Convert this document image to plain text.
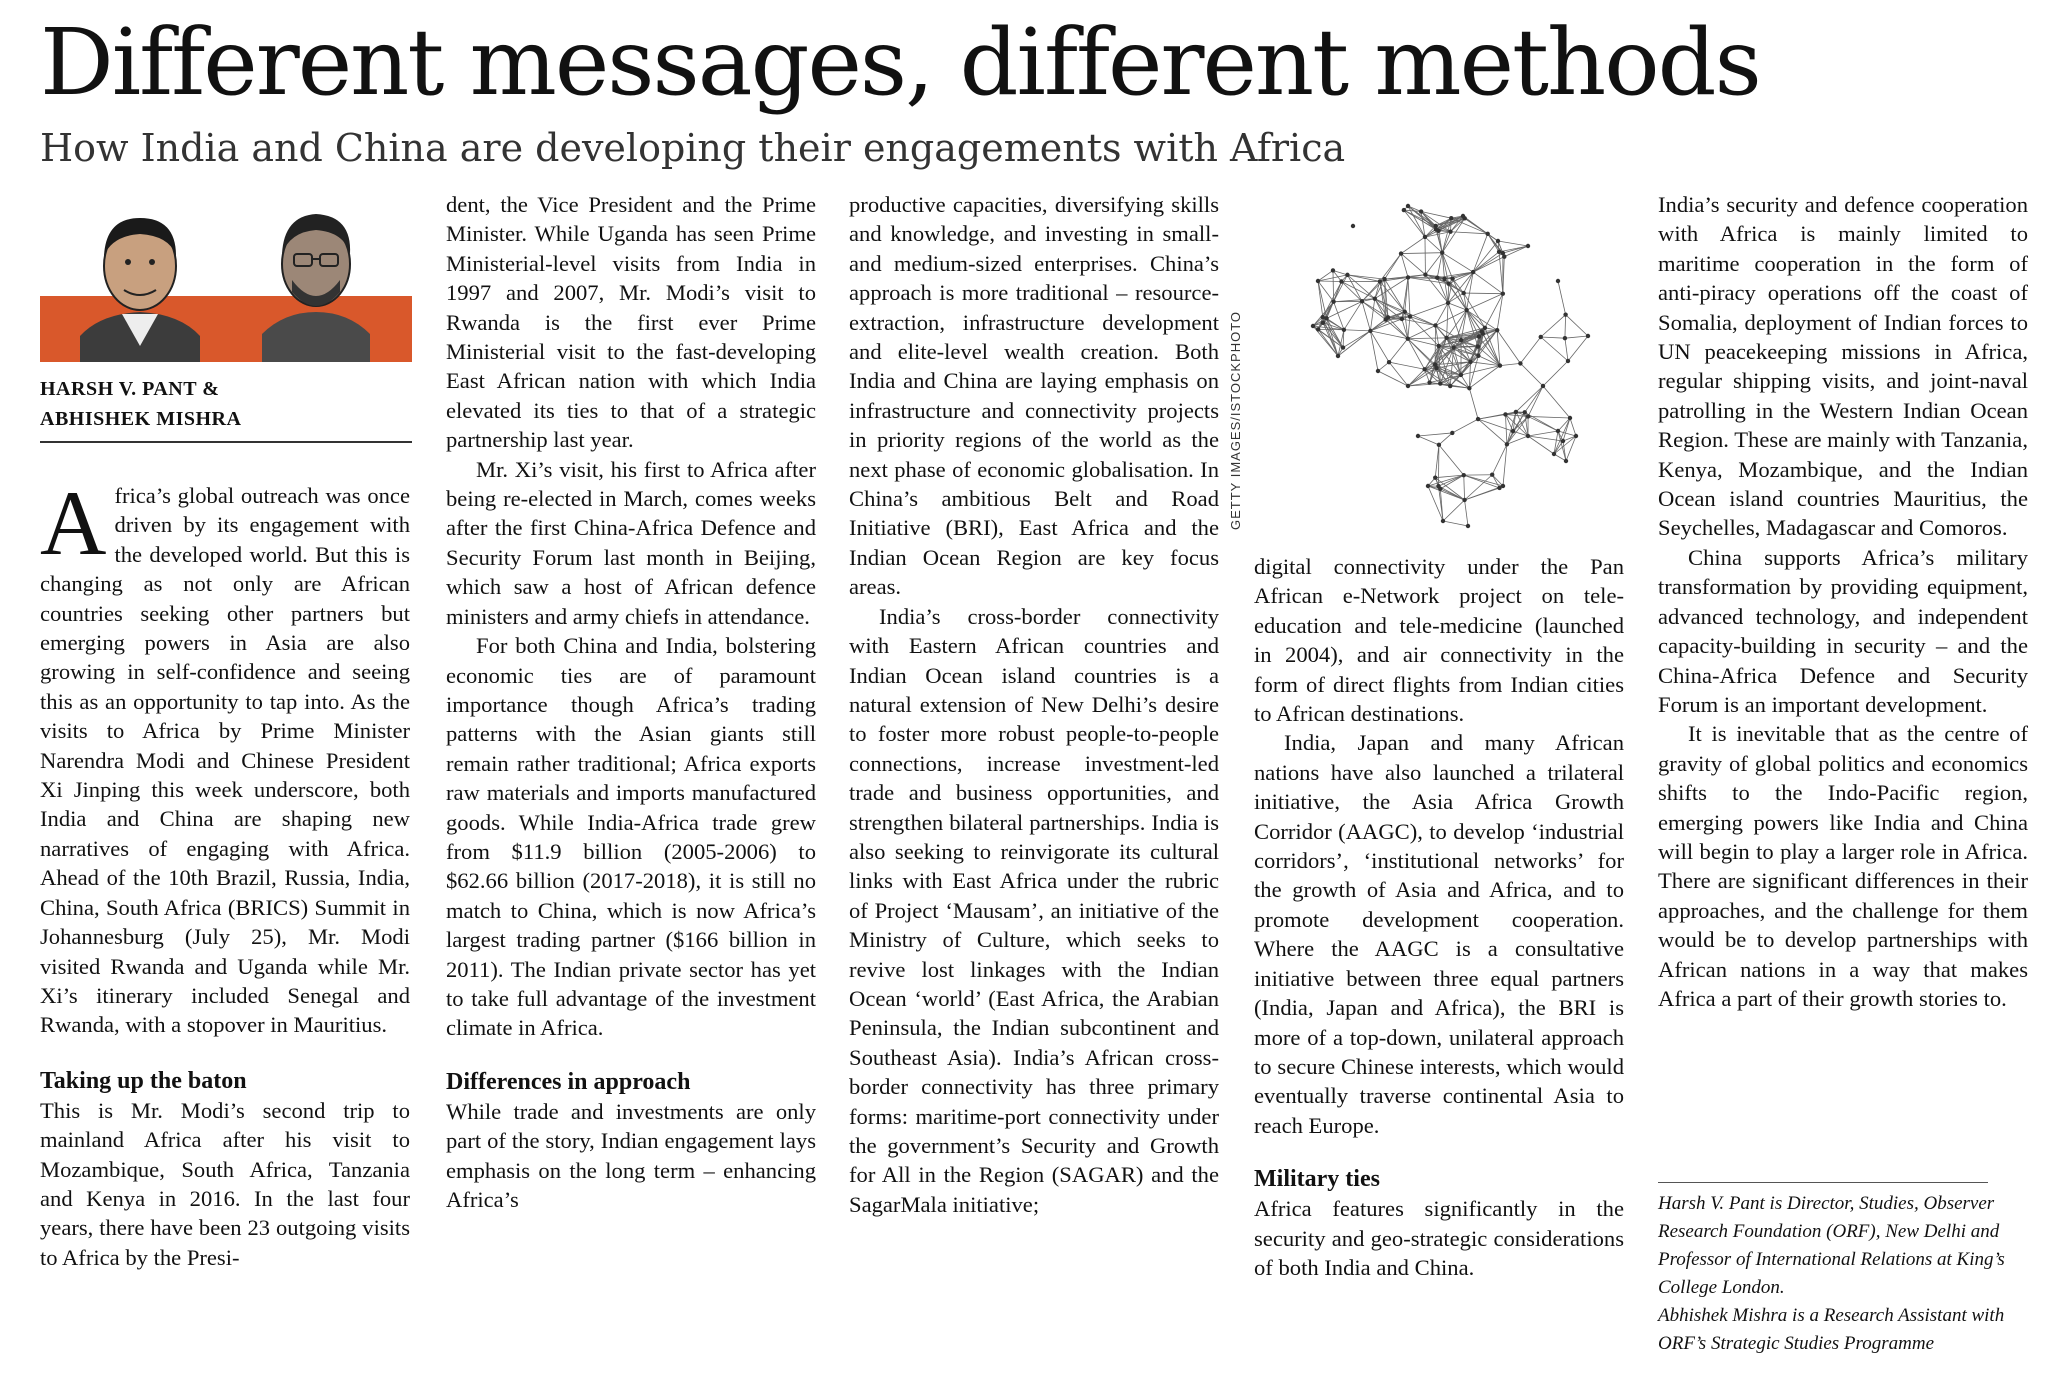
Different messages, different methods
How India and China are developing their engagements with Africa
HARSH V. PANT &
ABHISHEK MISHRA

Africa’s global outreach was once driven by its engagement with the developed world. But this is changing as not only are African countries seeking other partners but emerging powers in Asia are also growing in self-confidence and seeing this as an opportunity to tap into. As the visits to Africa by Prime Minister Narendra Modi and Chinese President Xi Jinping this week underscore, both India and China are shaping new narratives of engaging with Africa. Ahead of the 10th Brazil, Russia, India, China, South Africa (BRICS) Summit in Johannesburg (July 25), Mr. Modi visited Rwanda and Uganda while Mr. Xi’s itinerary included Senegal and Rwanda, with a stopover in Mauritius.

Taking up the baton

This is Mr. Modi’s second trip to mainland Africa after his visit to Mozambique, South Africa, Tanzania and Kenya in 2016. In the last four years, there have been 23 outgoing visits to Africa by the Presi-

dent, the Vice President and the Prime Minister. While Uganda has seen Prime Ministerial-level visits from India in 1997 and 2007, Mr. Modi’s visit to Rwanda is the first ever Prime Ministerial visit to the fast-developing East African nation with which India elevated its ties to that of a strategic partnership last year.

Mr. Xi’s visit, his first to Africa after being re-elected in March, comes weeks after the first China-Africa Defence and Security Forum last month in Beijing, which saw a host of African defence ministers and army chiefs in attendance.

For both China and India, bolstering economic ties are of paramount importance though Africa’s trading patterns with the Asian giants still remain rather traditional; Africa exports raw materials and imports manufactured goods. While India-Africa trade grew from $11.9 billion (2005-2006) to $62.66 billion (2017-2018), it is still no match to China, which is now Africa’s largest trading partner ($166 billion in 2011). The Indian private sector has yet to take full advantage of the investment climate in Africa.

Differences in approach

While trade and investments are only part of the story, Indian engagement lays emphasis on the long term – enhancing Africa’s

productive capacities, diversifying skills and knowledge, and investing in small- and medium-sized enterprises. China’s approach is more traditional – resource-extraction, infrastructure development and elite-level wealth creation. Both India and China are laying emphasis on infrastructure and connectivity projects in priority regions of the world as the next phase of economic globalisation. In China’s ambitious Belt and Road Initiative (BRI), East Africa and the Indian Ocean Region are key focus areas.

India’s cross-border connectivity with Eastern African countries and Indian Ocean island countries is a natural extension of New Delhi’s desire to foster more robust people-to-people connections, increase investment-led trade and business opportunities, and strengthen bilateral partnerships. India is also seeking to reinvigorate its cultural links with East Africa under the rubric of Project ‘Mausam’, an initiative of the Ministry of Culture, which seeks to revive lost linkages with the Indian Ocean ‘world’ (East Africa, the Arabian Peninsula, the Indian subcontinent and Southeast Asia). India’s African cross-border connectivity has three primary forms: maritime-port connectivity under the government’s Security and Growth for All in the Region (SAGAR) and the SagarMala initiative;

GETTY IMAGES/ISTOCKPHOTO

digital connectivity under the Pan African e-Network project on tele-education and tele-medicine (launched in 2004), and air connectivity in the form of direct flights from Indian cities to African destinations.

India, Japan and many African nations have also launched a trilateral initiative, the Asia Africa Growth Corridor (AAGC), to develop ‘industrial corridors’, ‘institutional networks’ for the growth of Asia and Africa, and to promote development cooperation. Where the AAGC is a consultative initiative between three equal partners (India, Japan and Africa), the BRI is more of a top-down, unilateral approach to secure Chinese interests, which would eventually traverse continental Asia to reach Europe.

Military ties

Africa features significantly in the security and geo-strategic considerations of both India and China.

India’s security and defence cooperation with Africa is mainly limited to maritime cooperation in the form of anti-piracy operations off the coast of Somalia, deployment of Indian forces to UN peacekeeping missions in Africa, regular shipping visits, and joint-naval patrolling in the Western Indian Ocean Region. These are mainly with Tanzania, Kenya, Mozambique, and the Indian Ocean island countries Mauritius, the Seychelles, Madagascar and Comoros.

China supports Africa’s military transformation by providing equipment, advanced technology, and independent capacity-building in security – and the China-Africa Defence and Security Forum is an important development.

It is inevitable that as the centre of gravity of global politics and economics shifts to the Indo-Pacific region, emerging powers like India and China will begin to play a larger role in Africa. There are significant differences in their approaches, and the challenge for them would be to develop partnerships with African nations in a way that makes Africa a part of their growth stories to.

Harsh V. Pant is Director, Studies, Observer Research Foundation (ORF), New Delhi and Professor of International Relations at King’s College London.

Abhishek Mishra is a Research Assistant with ORF’s Strategic Studies Programme
